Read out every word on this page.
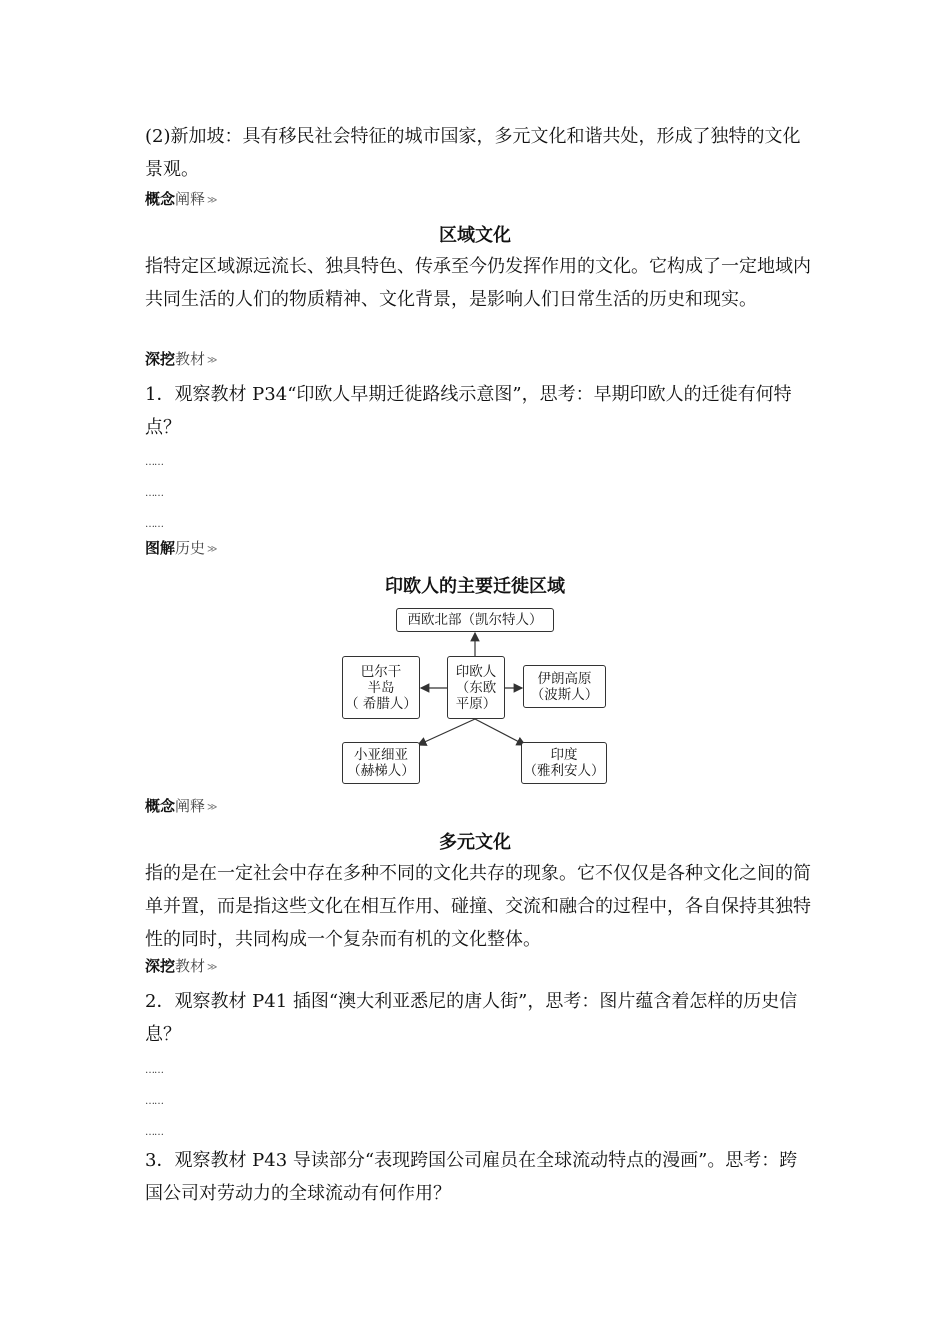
(2)新加坡：具有移民社会特征的城市国家，多元文化和谐共处，形成了独特的文化景观。
概念阐释 ≫
区域文化
指特定区域源远流长、独具特色、传承至今仍发挥作用的文化。它构成了一定地域内共同生活的人们的物质精神、文化背景，是影响人们日常生活的历史和现实。
深挖教材 ≫
1．观察教材 P34“印欧人早期迁徙路线示意图”，思考：早期印欧人的迁徙有何特点？
……
……
……
图解历史 ≫
印欧人的主要迁徙区域
西欧北部（凯尔特人）
印欧人
（东欧
平原）
巴尔干
半岛
（ 希腊人）
伊朗高原
（波斯人）
小亚细亚
（赫梯人）
印度
（雅利安人）
概念阐释 ≫
多元文化
指的是在一定社会中存在多种不同的文化共存的现象。它不仅仅是各种文化之间的简单并置，而是指这些文化在相互作用、碰撞、交流和融合的过程中，各自保持其独特性的同时，共同构成一个复杂而有机的文化整体。
深挖教材 ≫
2．观察教材 P41 插图“澳大利亚悉尼的唐人街”，思考：图片蕴含着怎样的历史信息？
……
……
……
3．观察教材 P43 导读部分“表现跨国公司雇员在全球流动特点的漫画”。思考：跨国公司对劳动力的全球流动有何作用？
